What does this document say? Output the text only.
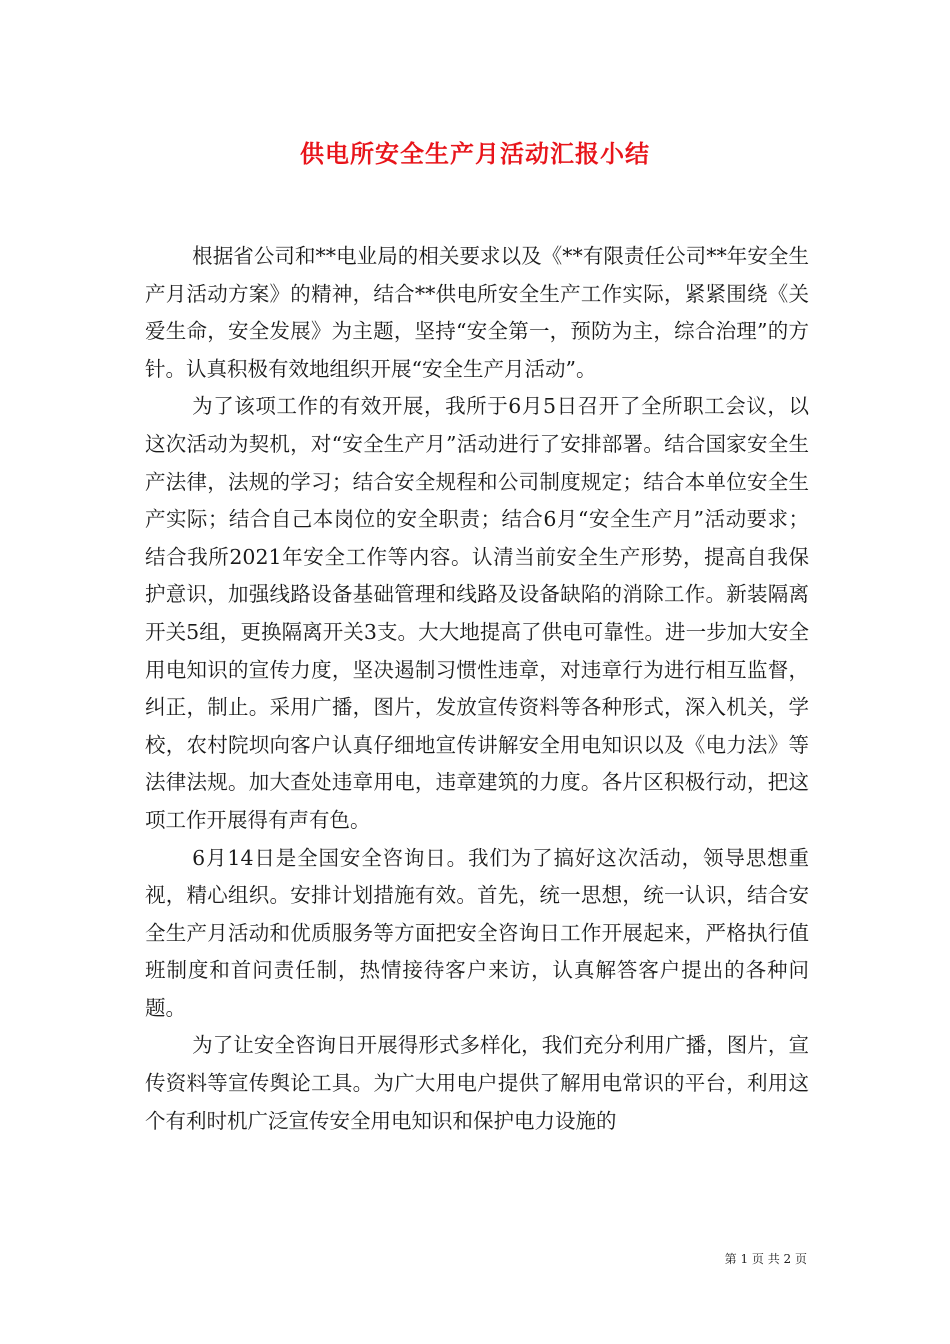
供电所安全生产月活动汇报小结

根据省公司和**电业局的相关要求以及《**有限责任公司**年安全生产月活动方案》的精神，结合**供电所安全生产工作实际，紧紧围绕《关爱生命，安全发展》为主题，坚持“安全第一，预防为主，综合治理”的方针。认真积极有效地组织开展“安全生产月活动”。

为了该项工作的有效开展，我所于6月5日召开了全所职工会议，以这次活动为契机，对“安全生产月”活动进行了安排部署。结合国家安全生产法律，法规的学习；结合安全规程和公司制度规定；结合本单位安全生产实际；结合自己本岗位的安全职责；结合6月“安全生产月”活动要求；结合我所2021年安全工作等内容。认清当前安全生产形势，提高自我保护意识，加强线路设备基础管理和线路及设备缺陷的消除工作。新装隔离开关5组，更换隔离开关3支。大大地提高了供电可靠性。进一步加大安全用电知识的宣传力度，坚决遏制习惯性违章，对违章行为进行相互监督，纠正，制止。采用广播，图片，发放宣传资料等各种形式，深入机关，学校，农村院坝向客户认真仔细地宣传讲解安全用电知识以及《电力法》等法律法规。加大查处违章用电，违章建筑的力度。各片区积极行动，把这项工作开展得有声有色。

6月14日是全国安全咨询日。我们为了搞好这次活动，领导思想重视，精心组织。安排计划措施有效。首先，统一思想，统一认识，结合安全生产月活动和优质服务等方面把安全咨询日工作开展起来，严格执行值班制度和首问责任制，热情接待客户来访，认真解答客户提出的各种问题。

为了让安全咨询日开展得形式多样化，我们充分利用广播，图片，宣传资料等宣传舆论工具。为广大用电户提供了解用电常识的平台，利用这个有利时机广泛宣传安全用电知识和保护电力设施的

第 1 页 共 2 页
